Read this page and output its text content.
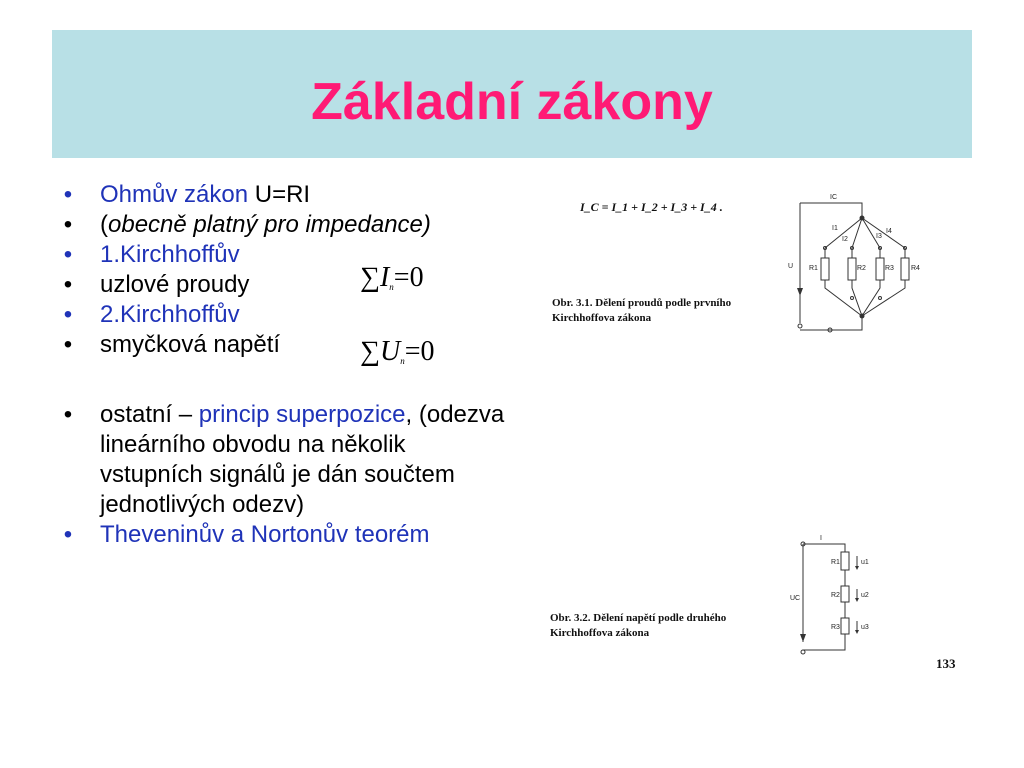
Základní zákony
• Ohmův zákon U=RI
• (obecně platný pro impedance)
• 1.Kirchhoffův
• uzlové proudy
• 2.Kirchhoffův
• smyčková napětí
• ostatní – princip superpozice, (odezva lineárního obvodu na několik vstupních signálů je dán součtem jednotlivých odezv)
• Theveninův a Nortonův teorém
$\sum I_n=0$
$\sum U_n=0$
I_C = I_1 + I_2 + I_3 + I_4 .
Obr. 3.1. Dělení proudů podle prvního
Kirchhoffova zákona
IC
I1
I2	I3
I4
U R1	R2	R3 R4
Obr. 3.2. Dělení napětí podle druhého
Kirchhoffova zákona
I
UC
R1
R2
R3
u1
u2
u3
133
